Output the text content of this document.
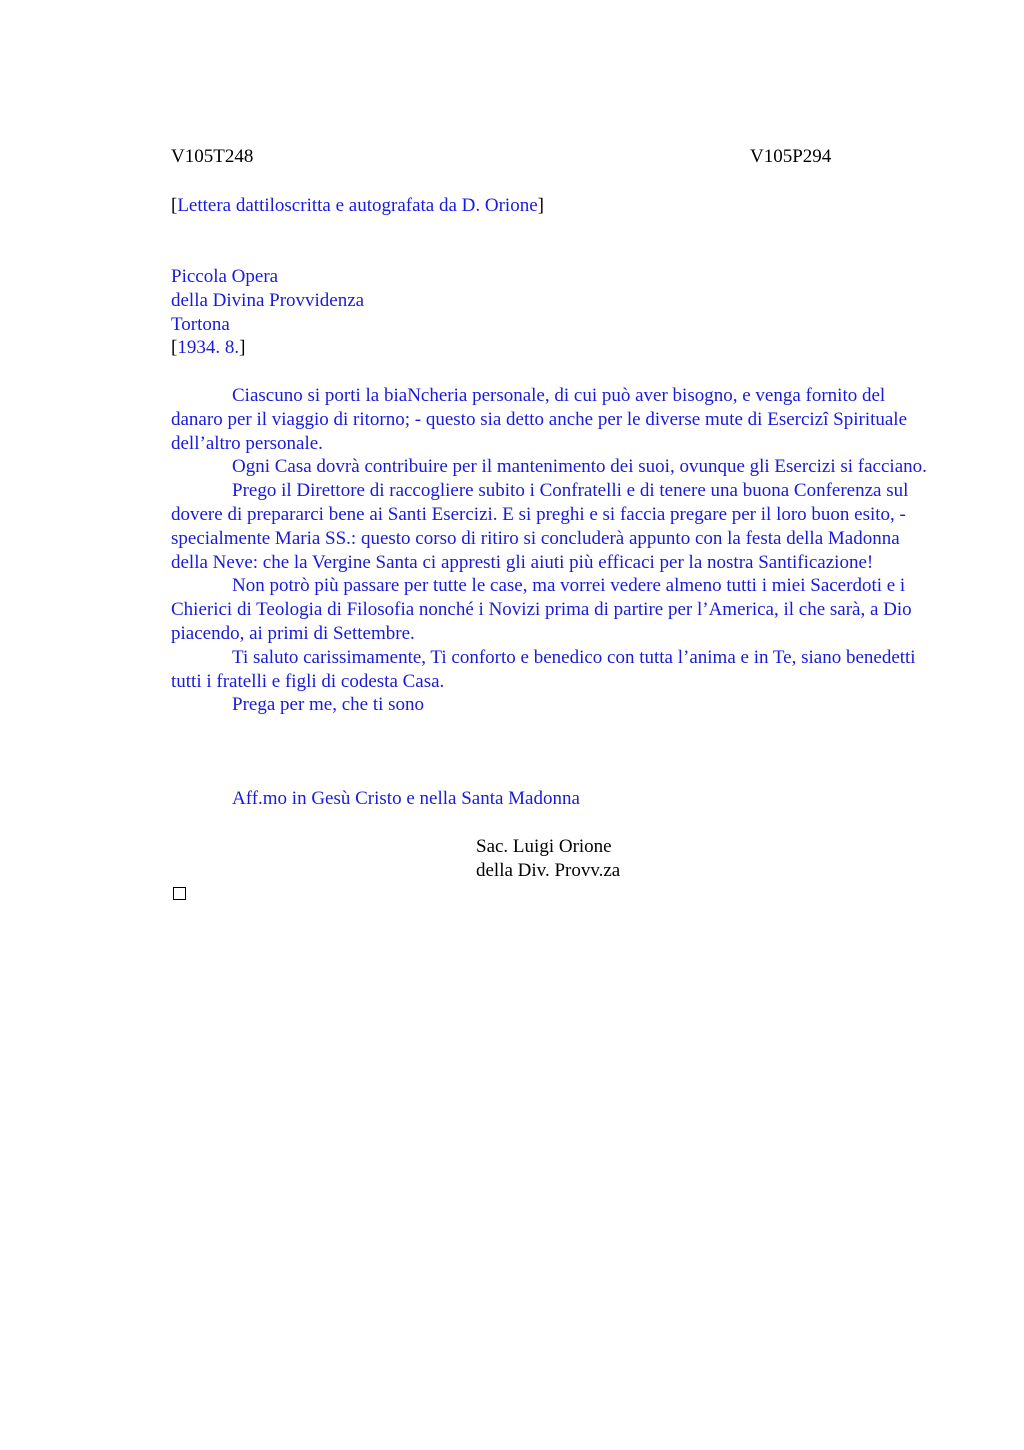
V105T248	V105P294
[Lettera dattiloscritta e autografata da D. Orione]
Piccola Opera
della Divina Provvidenza
Tortona
[1934. 8.]

Ciascuno si porti la biaNcheria personale, di cui può aver bisogno, e venga fornito del danaro per il viaggio di ritorno; - questo sia detto anche per le diverse mute di Esercizî Spirituale dell’altro personale.

Ogni Casa dovrà contribuire per il mantenimento dei suoi, ovunque gli Esercizi si facciano.

Prego il Direttore di raccogliere subito i Confratelli e di tenere una buona Conferenza sul dovere di prepararci bene ai Santi Esercizi. E si preghi e si faccia pregare per il loro buon esito, - specialmente Maria SS.: questo corso di ritiro si concluderà appunto con la festa della Madonna della Neve: che la Vergine Santa ci appresti gli aiuti più efficaci per la nostra Santificazione!

Non potrò più passare per tutte le case, ma vorrei vedere almeno tutti i miei Sacerdoti e i Chierici di Teologia di Filosofia nonché i Novizi prima di partire per l’America, il che sarà, a Dio piacendo, ai primi di Settembre.

Ti saluto carissimamente, Ti conforto e benedico con tutta l’anima e in Te, siano benedetti tutti i fratelli e figli di codesta Casa.

Prega per me, che ti sono

Aff.mo in Gesù Cristo e nella Santa Madonna
Sac. Luigi Orione
della Div. Provv.za
